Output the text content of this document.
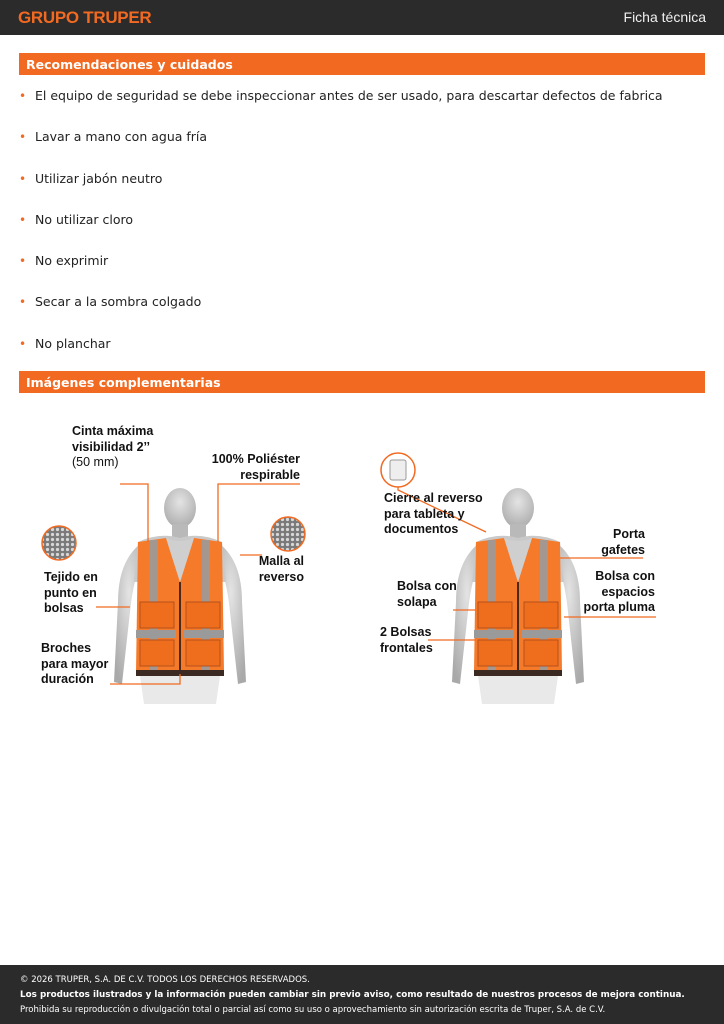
GRUPO TRUPER	Ficha técnica
Recomendaciones y cuidados
• El equipo de seguridad se debe inspeccionar antes de ser usado, para descartar defectos de fabrica
• Lavar a mano con agua fría
• Utilizar jabón neutro
• No utilizar cloro
• No exprimir
• Secar a la sombra colgado
• No planchar
Imágenes complementarias
Cinta máxima
visibilidad 2’’
(50 mm)	100% Poliéster
respirable
Malla al
reverso
Tejido en
punto en
bolsas
Broches
para mayor
duración
Cierre al reverso
para tableta y
documentos	Porta
gafetes
Bolsa con
solapa
Bolsa con
espacios
porta pluma
2 Bolsas
frontales
© 2026 TRUPER, S.A. DE C.V. TODOS LOS DERECHOS RESERVADOS.
Los productos ilustrados y la información pueden cambiar sin previo aviso, como resultado de nuestros procesos de mejora continua.
Prohibida su reproducción o divulgación total o parcial así como su uso o aprovechamiento sin autorización escrita de Truper, S.A. de C.V.
